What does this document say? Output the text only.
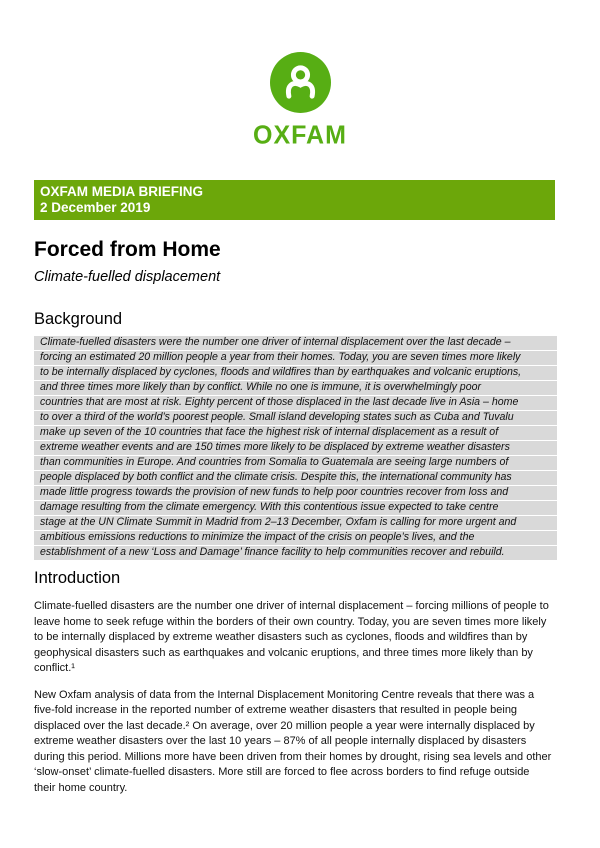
OXFAM
OXFAM MEDIA BRIEFING
2 December 2019
Forced from Home
Climate-fuelled displacement
Background
Climate-fuelled disasters were the number one driver of internal displacement over the last decade –
forcing an estimated 20 million people a year from their homes. Today, you are seven times more likely
to be internally displaced by cyclones, floods and wildfires than by earthquakes and volcanic eruptions,
and three times more likely than by conflict. While no one is immune, it is overwhelmingly poor
countries that are most at risk. Eighty percent of those displaced in the last decade live in Asia – home
to over a third of the world’s poorest people. Small island developing states such as Cuba and Tuvalu
make up seven of the 10 countries that face the highest risk of internal displacement as a result of
extreme weather events and are 150 times more likely to be displaced by extreme weather disasters
than communities in Europe. And countries from Somalia to Guatemala are seeing large numbers of
people displaced by both conflict and the climate crisis. Despite this, the international community has
made little progress towards the provision of new funds to help poor countries recover from loss and
damage resulting from the climate emergency. With this contentious issue expected to take centre
stage at the UN Climate Summit in Madrid from 2–13 December, Oxfam is calling for more urgent and
ambitious emissions reductions to minimize the impact of the crisis on people’s lives, and the
establishment of a new ‘Loss and Damage’ finance facility to help communities recover and rebuild.
Introduction

Climate-fuelled disasters are the number one driver of internal displacement – forcing millions of people to leave home to seek refuge within the borders of their own country. Today, you are seven times more likely to be internally displaced by extreme weather disasters such as cyclones, floods and wildfires than by geophysical disasters such as earthquakes and volcanic eruptions, and three times more likely than by conflict.¹

New Oxfam analysis of data from the Internal Displacement Monitoring Centre reveals that there was a five-fold increase in the reported number of extreme weather disasters that resulted in people being displaced over the last decade.² On average, over 20 million people a year were internally displaced by extreme weather disasters over the last 10 years – 87% of all people internally displaced by disasters during this period. Millions more have been driven from their homes by drought, rising sea levels and other ‘slow-onset’ climate-fuelled disasters. More still are forced to flee across borders to find refuge outside their home country.
